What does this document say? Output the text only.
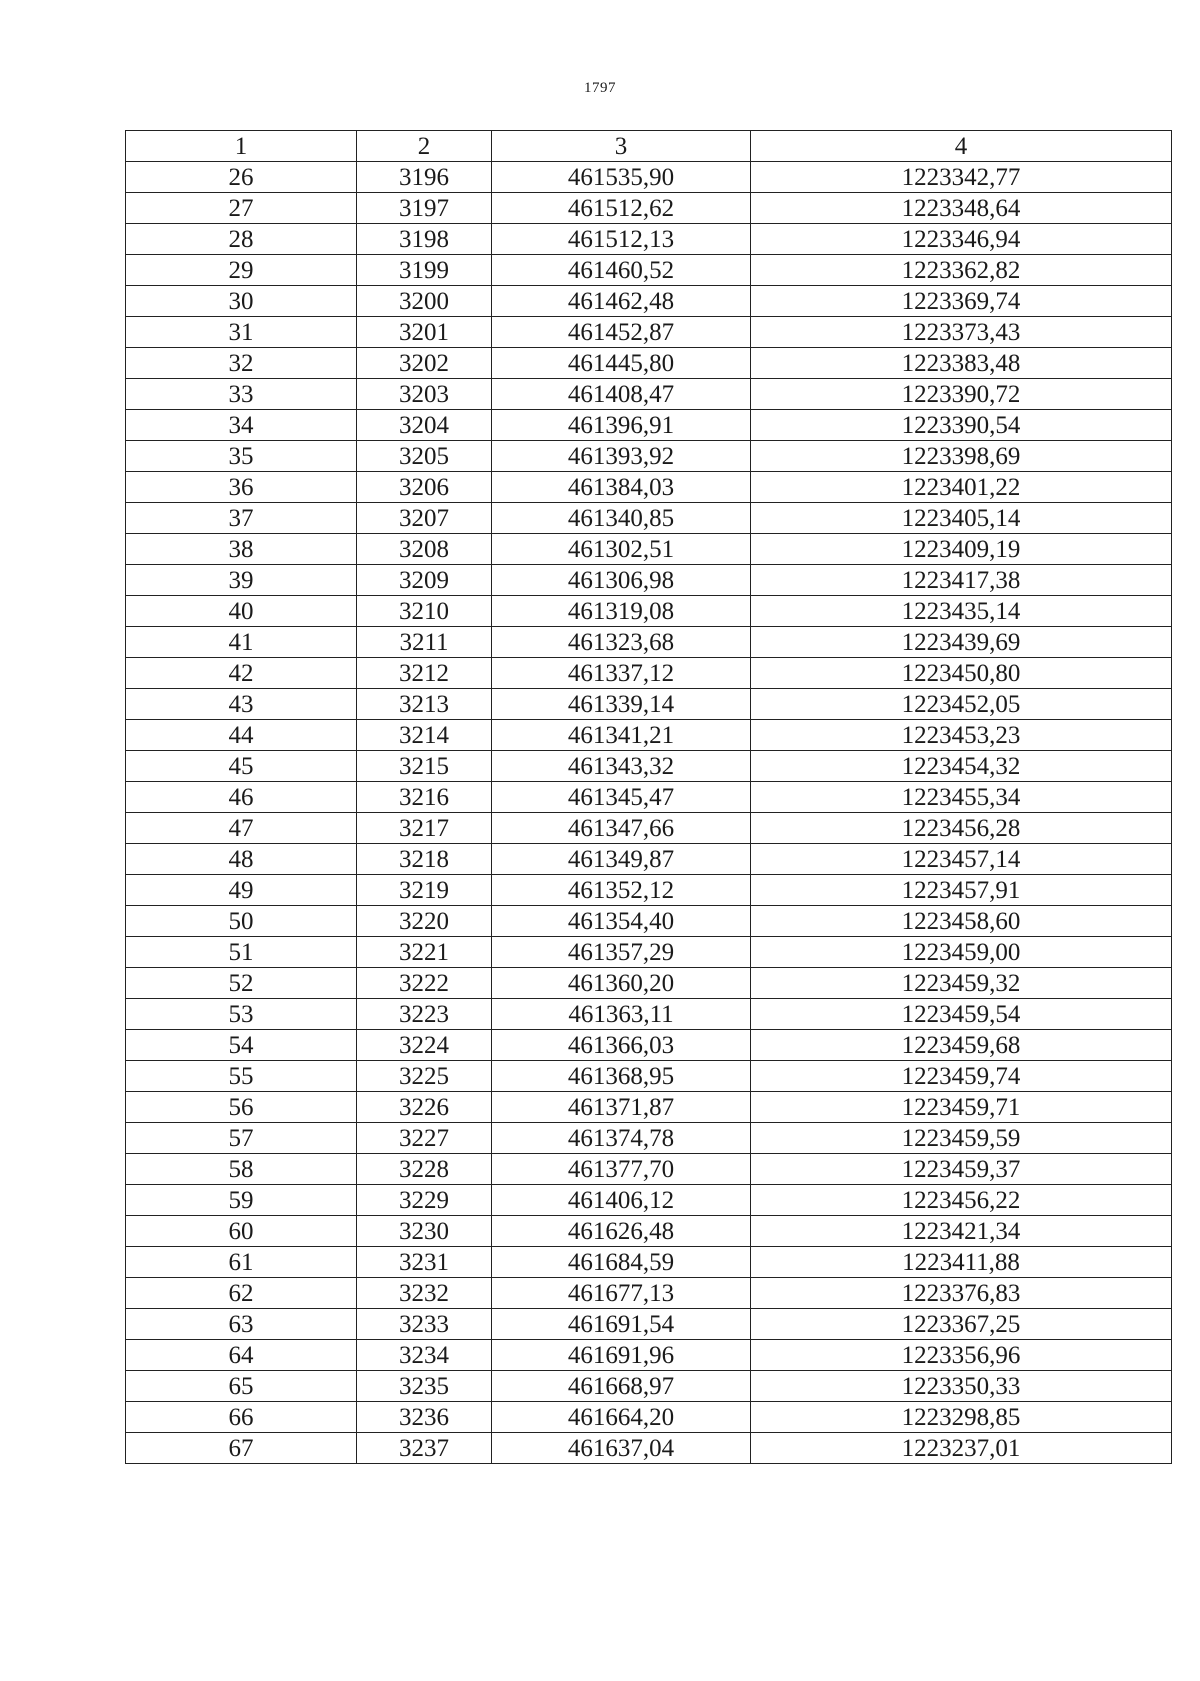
1797
1	2	3	4
26	3196	461535,90	1223342,77
27	3197	461512,62	1223348,64
28	3198	461512,13	1223346,94
29	3199	461460,52	1223362,82
30	3200	461462,48	1223369,74
31	3201	461452,87	1223373,43
32	3202	461445,80	1223383,48
33	3203	461408,47	1223390,72
34	3204	461396,91	1223390,54
35	3205	461393,92	1223398,69
36	3206	461384,03	1223401,22
37	3207	461340,85	1223405,14
38	3208	461302,51	1223409,19
39	3209	461306,98	1223417,38
40	3210	461319,08	1223435,14
41	3211	461323,68	1223439,69
42	3212	461337,12	1223450,80
43	3213	461339,14	1223452,05
44	3214	461341,21	1223453,23
45	3215	461343,32	1223454,32
46	3216	461345,47	1223455,34
47	3217	461347,66	1223456,28
48	3218	461349,87	1223457,14
49	3219	461352,12	1223457,91
50	3220	461354,40	1223458,60
51	3221	461357,29	1223459,00
52	3222	461360,20	1223459,32
53	3223	461363,11	1223459,54
54	3224	461366,03	1223459,68
55	3225	461368,95	1223459,74
56	3226	461371,87	1223459,71
57	3227	461374,78	1223459,59
58	3228	461377,70	1223459,37
59	3229	461406,12	1223456,22
60	3230	461626,48	1223421,34
61	3231	461684,59	1223411,88
62	3232	461677,13	1223376,83
63	3233	461691,54	1223367,25
64	3234	461691,96	1223356,96
65	3235	461668,97	1223350,33
66	3236	461664,20	1223298,85
67	3237	461637,04	1223237,01
